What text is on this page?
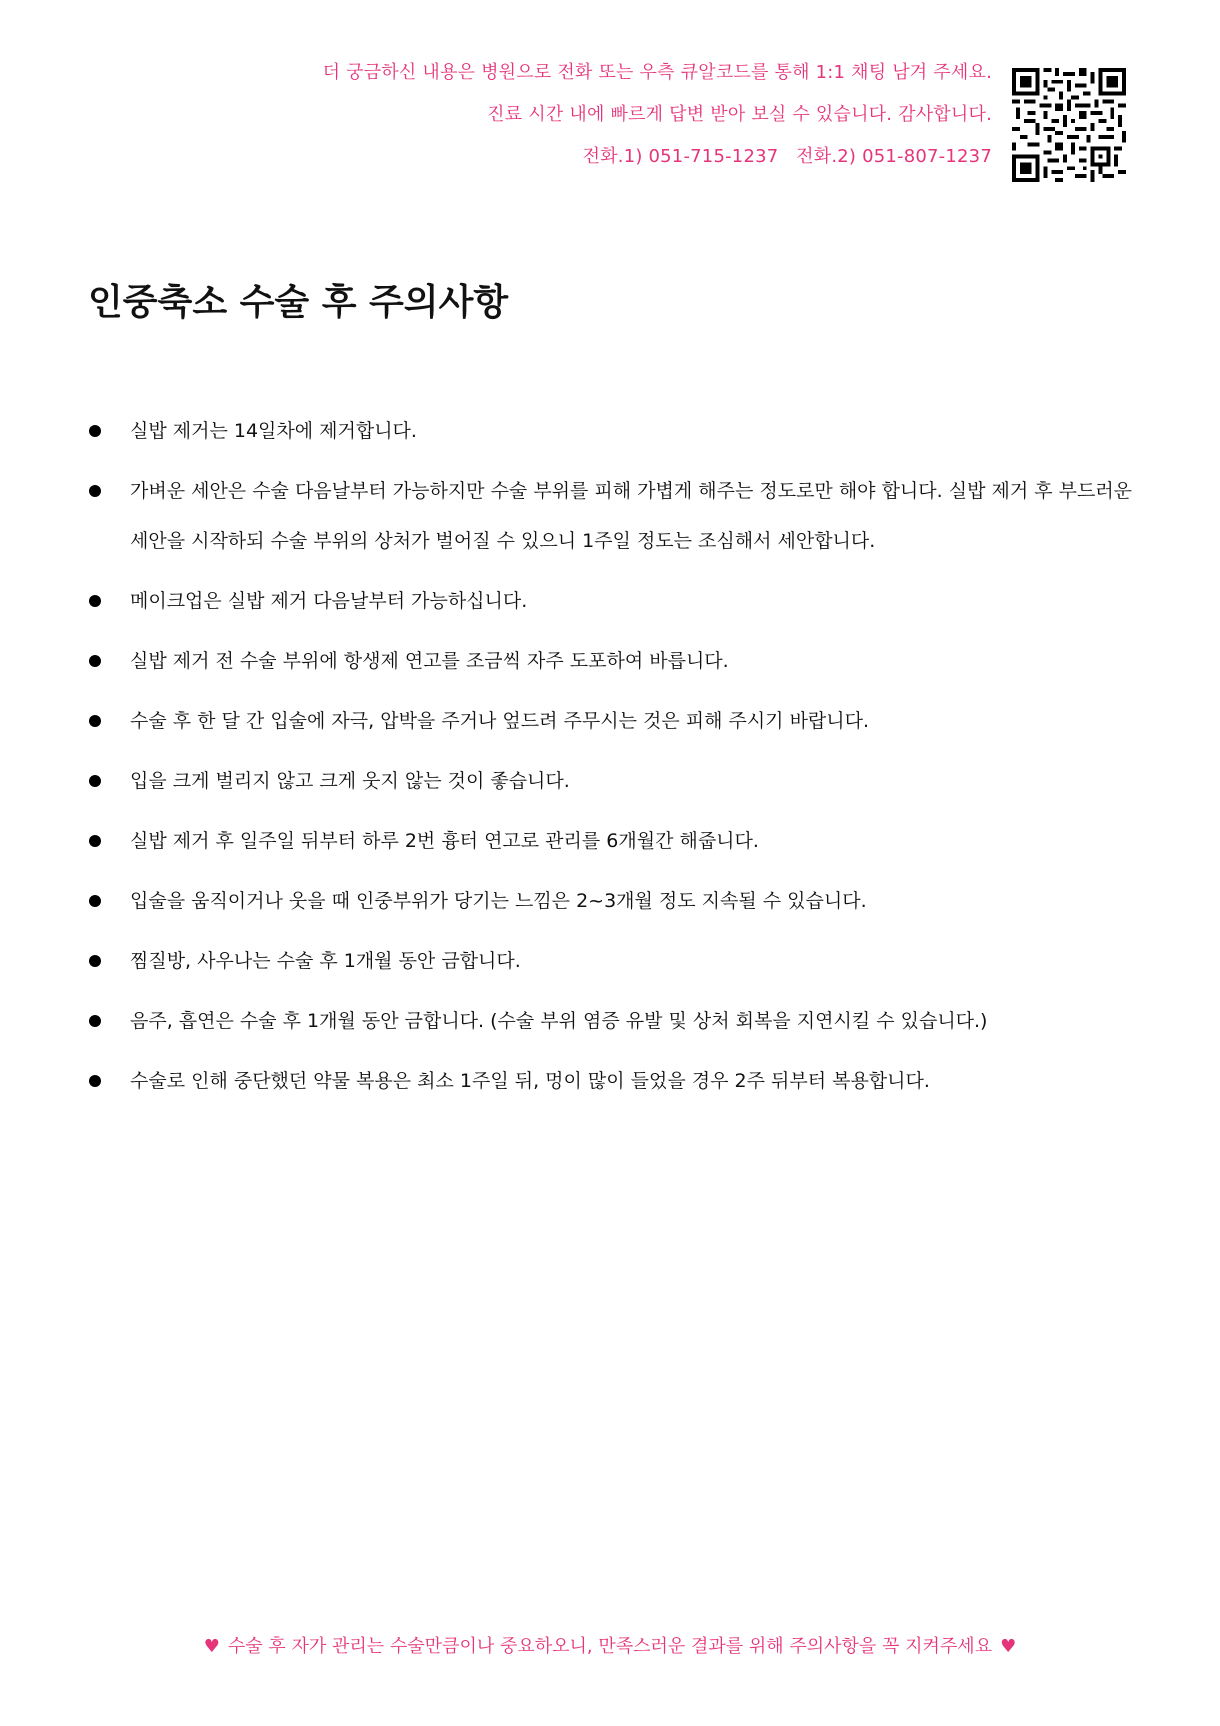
더 궁금하신 내용은 병원으로 전화 또는 우측 큐알코드를 통해 1:1 채팅 남겨 주세요.
진료 시간 내에 빠르게 답변 받아 보실 수 있습니다. 감사합니다.
전화.1) 051-715-1237   전화.2) 051-807-1237
인중축소 수술 후 주의사항
실밥 제거는 14일차에 제거합니다.
가벼운 세안은 수술 다음날부터 가능하지만 수술 부위를 피해 가볍게 해주는 정도로만 해야 합니다. 실밥 제거 후 부드러운 세안을 시작하되 수술 부위의 상처가 벌어질 수 있으니 1주일 정도는 조심해서 세안합니다.
메이크업은 실밥 제거 다음날부터 가능하십니다.
실밥 제거 전 수술 부위에 항생제 연고를 조금씩 자주 도포하여 바릅니다.
수술 후 한 달 간 입술에 자극, 압박을 주거나 엎드려 주무시는 것은 피해 주시기 바랍니다.
입을 크게 벌리지 않고 크게 웃지 않는 것이 좋습니다.
실밥 제거 후 일주일 뒤부터 하루 2번 흉터 연고로 관리를 6개월간 해줍니다.
입술을 움직이거나 웃을 때 인중부위가 당기는 느낌은 2~3개월 정도 지속될 수 있습니다.
찜질방, 사우나는 수술 후 1개월 동안 금합니다.
음주, 흡연은 수술 후 1개월 동안 금합니다. (수술 부위 염증 유발 및 상처 회복을 지연시킬 수 있습니다.)
수술로 인해 중단했던 약물 복용은 최소 1주일 뒤, 멍이 많이 들었을 경우 2주 뒤부터 복용합니다.
♥ 수술 후 자가 관리는 수술만큼이나 중요하오니, 만족스러운 결과를 위해 주의사항을 꼭 지켜주세요 ♥
